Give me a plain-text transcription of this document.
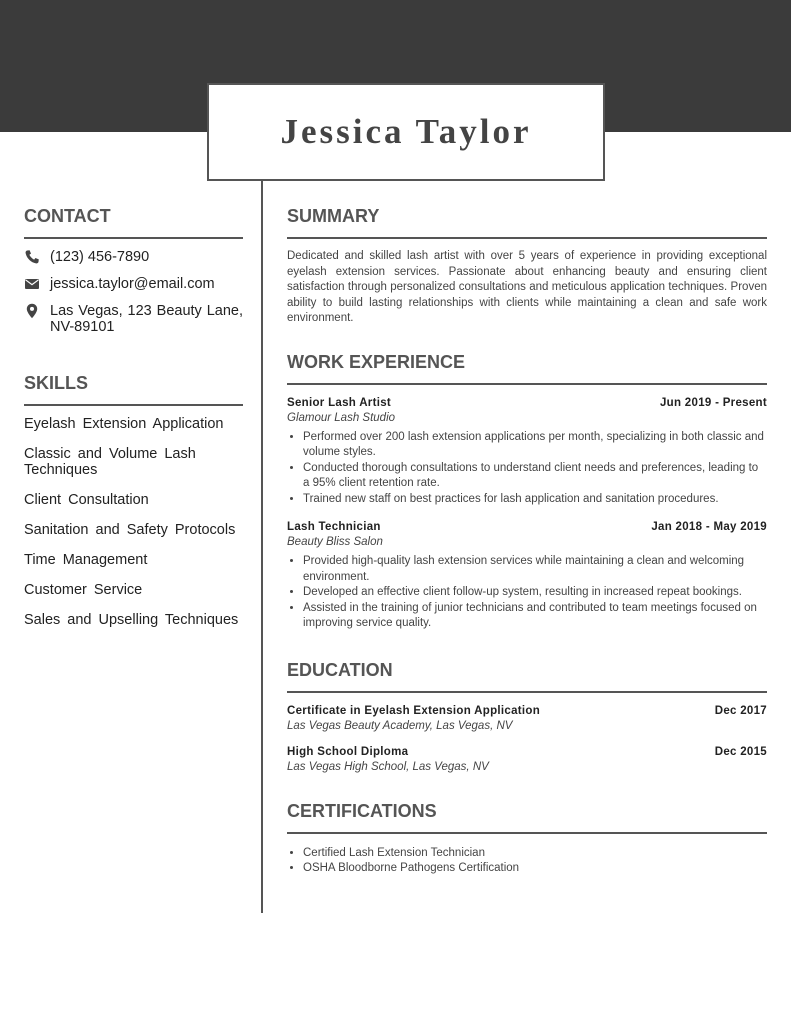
Jessica Taylor
CONTACT
(123) 456-7890
jessica.taylor@email.com
Las Vegas, 123 Beauty Lane, NV-89101
SKILLS
Eyelash Extension Application
Classic and Volume Lash Techniques
Client Consultation
Sanitation and Safety Protocols
Time Management
Customer Service
Sales and Upselling Techniques
SUMMARY
Dedicated and skilled lash artist with over 5 years of experience in providing exceptional eyelash extension services. Passionate about enhancing beauty and ensuring client satisfaction through personalized consultations and meticulous application techniques. Proven ability to build lasting relationships with clients while maintaining a clean and safe work environment.
WORK EXPERIENCE
Senior Lash Artist	Jun 2019 - Present
Glamour Lash Studio
• Performed over 200 lash extension applications per month, specializing in both classic and volume styles.
• Conducted thorough consultations to understand client needs and preferences, leading to a 95% client retention rate.
• Trained new staff on best practices for lash application and sanitation procedures.
Lash Technician	Jan 2018 - May 2019
Beauty Bliss Salon
• Provided high-quality lash extension services while maintaining a clean and welcoming environment.
• Developed an effective client follow-up system, resulting in increased repeat bookings.
• Assisted in the training of junior technicians and contributed to team meetings focused on improving service quality.
EDUCATION
Certificate in Eyelash Extension Application	Dec 2017
Las Vegas Beauty Academy, Las Vegas, NV
High School Diploma	Dec 2015
Las Vegas High School, Las Vegas, NV
CERTIFICATIONS
• Certified Lash Extension Technician
• OSHA Bloodborne Pathogens Certification
